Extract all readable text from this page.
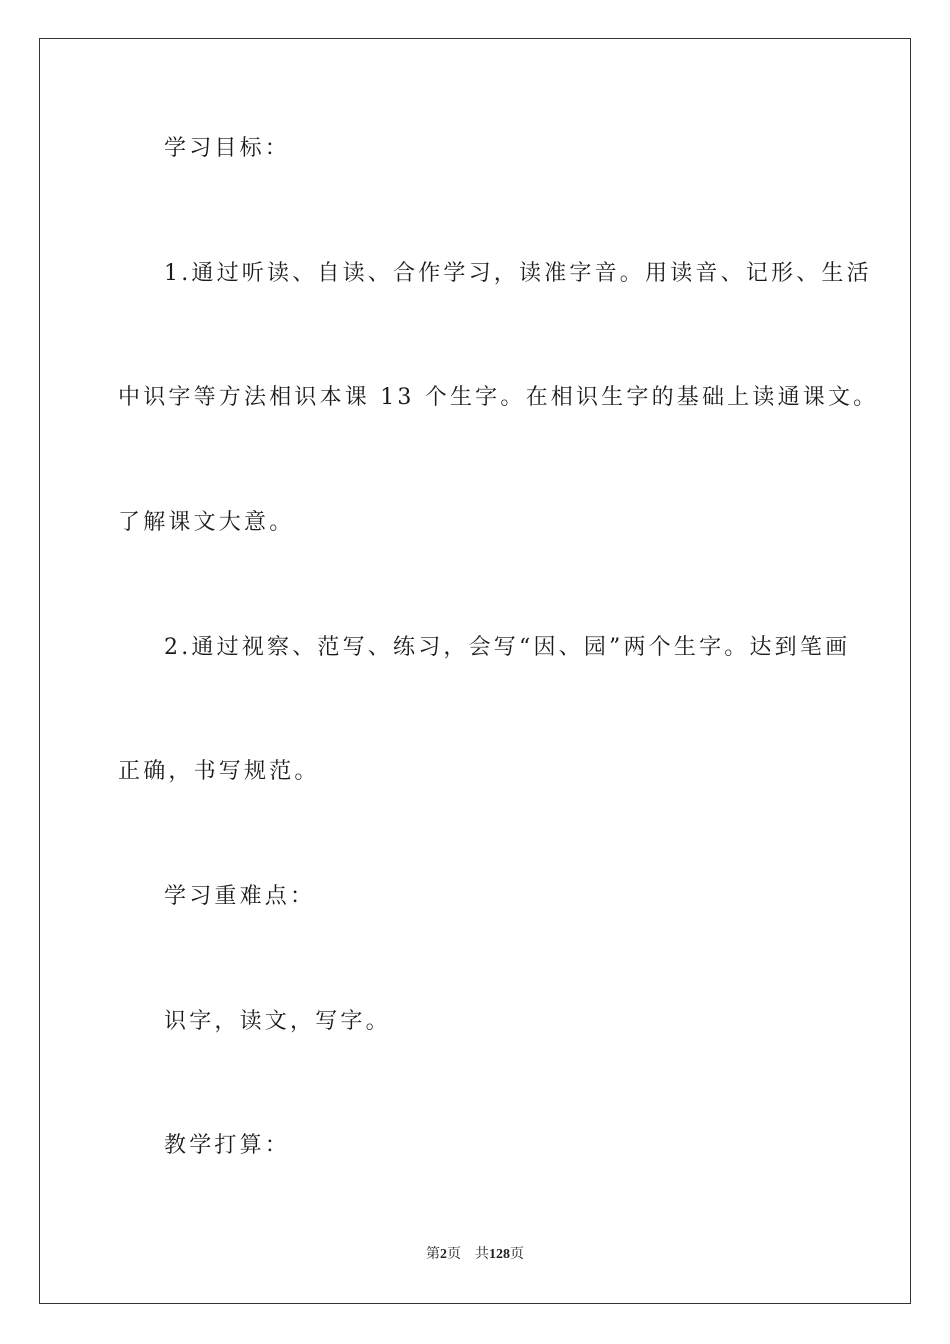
学习目标：
1.通过听读、自读、合作学习，读准字音。用读音、记形、生活
中识字等方法相识本课 13 个生字。在相识生字的基础上读通课文。
了解课文大意。
2.通过视察、范写、练习，会写“因、园”两个生字。达到笔画
正确，书写规范。
学习重难点：
识字，读文，写字。
教学打算：
第2页 共128页
